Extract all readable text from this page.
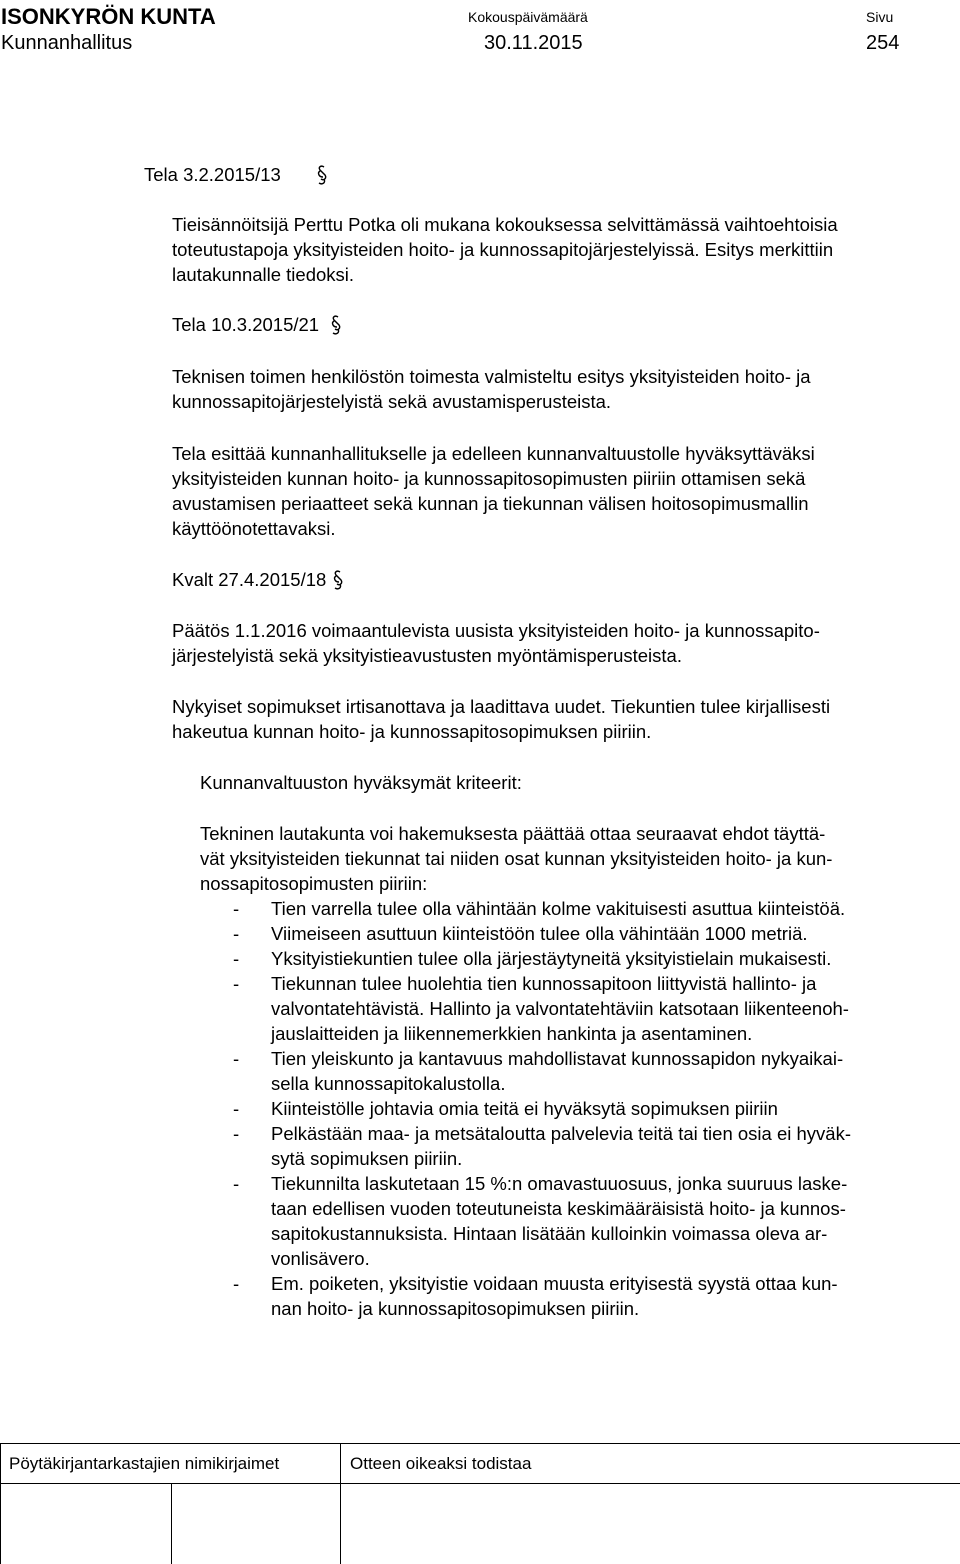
ISONKYRÖN KUNTA
Kunnanhallitus
Kokouspäivämäärä
30.11.2015
Sivu
254
Tela 3.2.2015/13
Tieisännöitsijä Perttu Potka oli mukana kokouksessa selvittämässä vaihtoehtoisia
toteutustapoja yksityisteiden hoito- ja kunnossapitojärjestelyissä. Esitys merkittiin
lautakunnalle tiedoksi.
Tela 10.3.2015/21
Teknisen toimen henkilöstön toimesta valmisteltu esitys yksityisteiden hoito- ja
kunnossapitojärjestelyistä sekä avustamisperusteista.
Tela esittää kunnanhallitukselle ja edelleen kunnanvaltuustolle hyväksyttäväksi
yksityisteiden kunnan hoito- ja kunnossapitosopimusten piiriin ottamisen sekä
avustamisen periaatteet sekä kunnan ja tiekunnan välisen hoitosopimusmallin
käyttöönotettavaksi.
Kvalt 27.4.2015/18
Päätös 1.1.2016 voimaantulevista uusista yksityisteiden hoito- ja kunnossapito-
järjestelyistä sekä yksityistieavustusten myöntämisperusteista.
Nykyiset sopimukset irtisanottava ja laadittava uudet. Tiekuntien tulee kirjallisesti
hakeutua kunnan hoito- ja kunnossapitosopimuksen piiriin.
Kunnanvaltuuston hyväksymät kriteerit:
Tekninen lautakunta voi hakemuksesta päättää ottaa seuraavat ehdot täyttä-
vät yksityisteiden tiekunnat tai niiden osat kunnan yksityisteiden hoito- ja kun-
nossapitosopimusten piiriin:
- Tien varrella tulee olla vähintään kolme vakituisesti asuttua kiinteistöä.
- Viimeiseen asuttuun kiinteistöön tulee olla vähintään 1000 metriä.
- Yksityistiekuntien tulee olla järjestäytyneitä yksityistielain mukaisesti.
- Tiekunnan tulee huolehtia tien kunnossapitoon liittyvistä hallinto- ja
valvontatehtävistä. Hallinto ja valvontatehtäviin katsotaan liikenteenoh-
jauslaitteiden ja liikennemerkkien hankinta ja asentaminen.
- Tien yleiskunto ja kantavuus mahdollistavat kunnossapidon nykyaikai-
sella kunnossapitokalustolla.
- Kiinteistölle johtavia omia teitä ei hyväksytä sopimuksen piiriin
- Pelkästään maa- ja metsätaloutta palvelevia teitä tai tien osia ei hyväk-
sytä sopimuksen piiriin.
- Tiekunnilta laskutetaan 15 %:n omavastuuosuus, jonka suuruus laske-
taan edellisen vuoden toteutuneista keskimääräisistä hoito- ja kunnos-
sapitokustannuksista. Hintaan lisätään kulloinkin voimassa oleva ar-
vonlisävero.
- Em. poiketen, yksityistie voidaan muusta erityisestä syystä ottaa kun-
nan hoito- ja kunnossapitosopimuksen piiriin.
Pöytäkirjantarkastajien nimikirjaimet	Otteen oikeaksi todistaa
